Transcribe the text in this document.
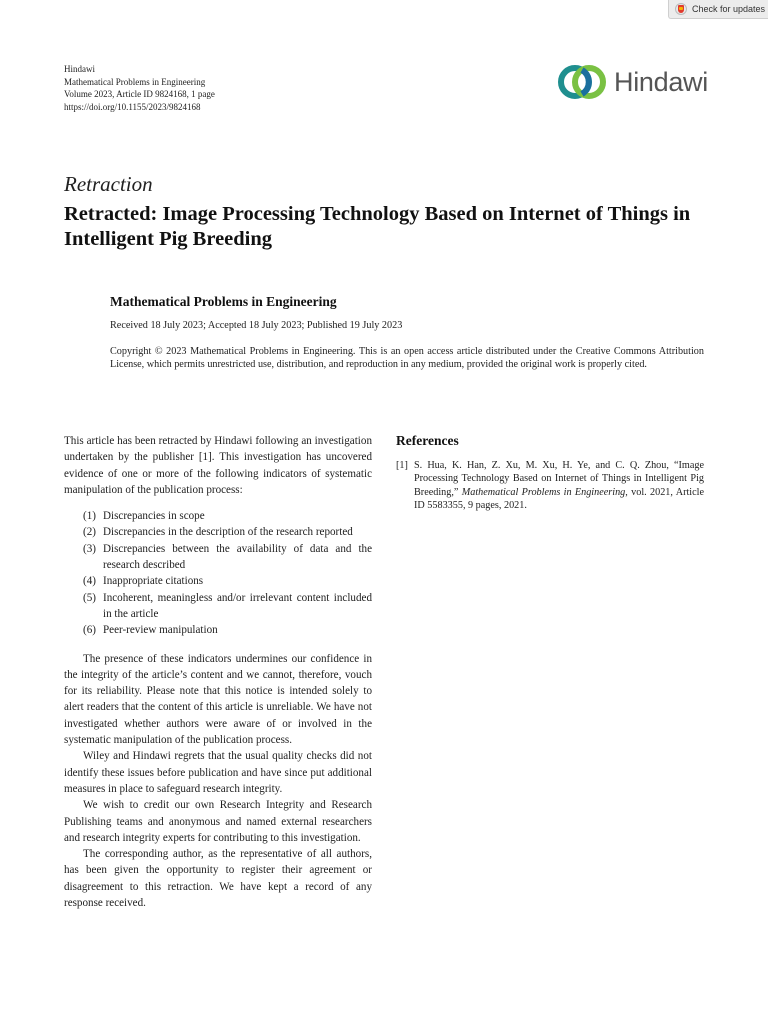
Check for updates
Hindawi
Mathematical Problems in Engineering
Volume 2023, Article ID 9824168, 1 page
https://doi.org/10.1155/2023/9824168
Hindawi
Retraction
Retracted: Image Processing Technology Based on Internet of Things in Intelligent Pig Breeding

Mathematical Problems in Engineering

Received 18 July 2023; Accepted 18 July 2023; Published 19 July 2023

Copyright © 2023 Mathematical Problems in Engineering. This is an open access article distributed under the Creative Commons Attribution License, which permits unrestricted use, distribution, and reproduction in any medium, provided the original work is properly cited.

This article has been retracted by Hindawi following an investigation undertaken by the publisher [1]. This investigation has uncovered evidence of one or more of the following indicators of systematic manipulation of the publication process:

(1) Discrepancies in scope
(2) Discrepancies in the description of the research reported
(3) Discrepancies between the availability of data and the research described
(4) Inappropriate citations
(5) Incoherent, meaningless and/or irrelevant content included in the article
(6) Peer-review manipulation

The presence of these indicators undermines our confidence in the integrity of the article’s content and we cannot, therefore, vouch for its reliability. Please note that this notice is intended solely to alert readers that the content of this article is unreliable. We have not investigated whether authors were aware of or involved in the systematic manipulation of the publication process.

Wiley and Hindawi regrets that the usual quality checks did not identify these issues before publication and have since put additional measures in place to safeguard research integrity.

We wish to credit our own Research Integrity and Research Publishing teams and anonymous and named external researchers and research integrity experts for contributing to this investigation.

The corresponding author, as the representative of all authors, has been given the opportunity to register their agreement or disagreement to this retraction. We have kept a record of any response received.

References
[1] S. Hua, K. Han, Z. Xu, M. Xu, H. Ye, and C. Q. Zhou, “Image Processing Technology Based on Internet of Things in Intelligent Pig Breeding,” Mathematical Problems in Engineering, vol. 2021, Article ID 5583355, 9 pages, 2021.
